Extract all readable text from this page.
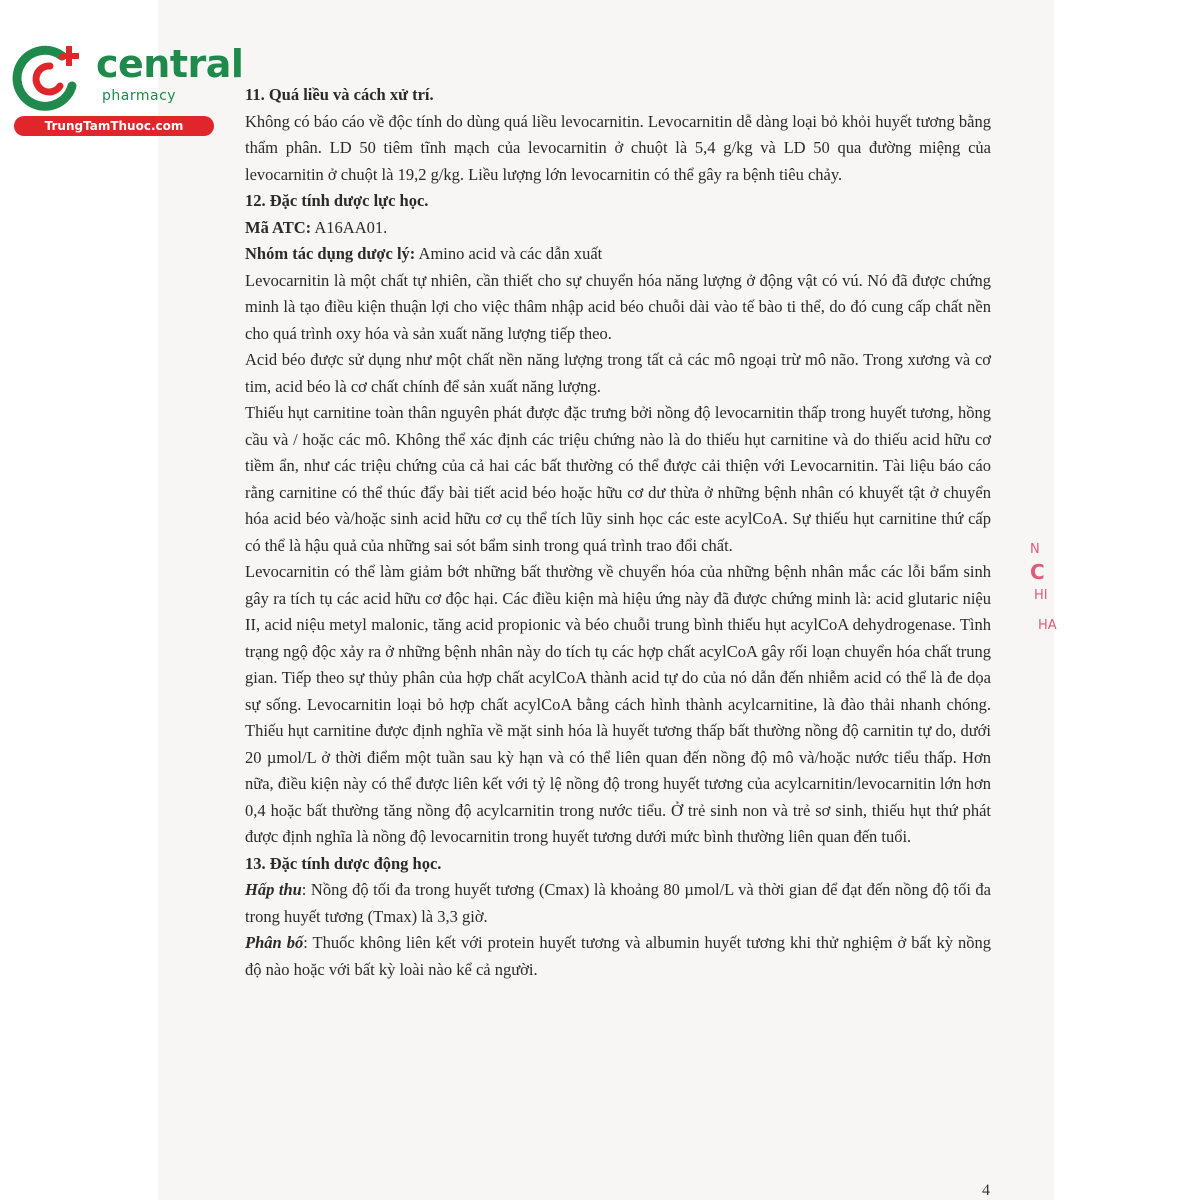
central
pharmacy
TrungTamThuoc.com

11. Quá liều và cách xử trí.

Không có báo cáo về độc tính do dùng quá liều levocarnitin. Levocarnitin dễ dàng loại bỏ khỏi huyết tương bằng thẩm phân. LD 50 tiêm tĩnh mạch của levocarnitin ở chuột là 5,4 g/kg và LD 50 qua đường miệng của levocarnitin ở chuột là 19,2 g/kg. Liều lượng lớn levocarnitin có thể gây ra bệnh tiêu chảy.

12. Đặc tính dược lực học.

Mã ATC: A16AA01.

Nhóm tác dụng dược lý: Amino acid và các dẫn xuất

Levocarnitin là một chất tự nhiên, cần thiết cho sự chuyển hóa năng lượng ở động vật có vú. Nó đã được chứng minh là tạo điều kiện thuận lợi cho việc thâm nhập acid béo chuỗi dài vào tế bào ti thể, do đó cung cấp chất nền cho quá trình oxy hóa và sản xuất năng lượng tiếp theo.

Acid béo được sử dụng như một chất nền năng lượng trong tất cả các mô ngoại trừ mô não. Trong xương và cơ tim, acid béo là cơ chất chính để sản xuất năng lượng.

Thiếu hụt carnitine toàn thân nguyên phát được đặc trưng bởi nồng độ levocarnitin thấp trong huyết tương, hồng cầu và / hoặc các mô. Không thể xác định các triệu chứng nào là do thiếu hụt carnitine và do thiếu acid hữu cơ tiềm ẩn, như các triệu chứng của cả hai các bất thường có thể được cải thiện với Levocarnitin. Tài liệu báo cáo rằng carnitine có thể thúc đẩy bài tiết acid béo hoặc hữu cơ dư thừa ở những bệnh nhân có khuyết tật ở chuyển hóa acid béo và/hoặc sinh acid hữu cơ cụ thể tích lũy sinh học các este acylCoA. Sự thiếu hụt carnitine thứ cấp có thể là hậu quả của những sai sót bẩm sinh trong quá trình trao đổi chất.

Levocarnitin có thể làm giảm bớt những bất thường về chuyển hóa của những bệnh nhân mắc các lỗi bẩm sinh gây ra tích tụ các acid hữu cơ độc hại. Các điều kiện mà hiệu ứng này đã được chứng minh là: acid glutaric niệu II, acid niệu metyl malonic, tăng acid propionic và béo chuỗi trung bình thiếu hụt acylCoA dehydrogenase. Tình trạng ngộ độc xảy ra ở những bệnh nhân này do tích tụ các hợp chất acylCoA gây rối loạn chuyển hóa chất trung gian. Tiếp theo sự thủy phân của hợp chất acylCoA thành acid tự do của nó dẫn đến nhiễm acid có thể là đe dọa sự sống. Levocarnitin loại bỏ hợp chất acylCoA bằng cách hình thành acylcarnitine, là đào thải nhanh chóng. Thiếu hụt carnitine được định nghĩa về mặt sinh hóa là huyết tương thấp bất thường nồng độ carnitin tự do, dưới 20 µmol/L ở thời điểm một tuần sau kỳ hạn và có thể liên quan đến nồng độ mô và/hoặc nước tiểu thấp. Hơn nữa, điều kiện này có thể được liên kết với tỷ lệ nồng độ trong huyết tương của acylcarnitin/levocarnitin lớn hơn 0,4 hoặc bất thường tăng nồng độ acylcarnitin trong nước tiểu. Ở trẻ sinh non và trẻ sơ sinh, thiếu hụt thứ phát được định nghĩa là nồng độ levocarnitin trong huyết tương dưới mức bình thường liên quan đến tuổi.

13. Đặc tính dược động học.

Hấp thu: Nồng độ tối đa trong huyết tương (Cmax) là khoảng 80 µmol/L và thời gian để đạt đến nồng độ tối đa trong huyết tương (Tmax) là 3,3 giờ.

Phân bố: Thuốc không liên kết với protein huyết tương và albumin huyết tương khi thử nghiệm ở bất kỳ nồng độ nào hoặc với bất kỳ loài nào kể cả người.

N
C
HI
HA
4
